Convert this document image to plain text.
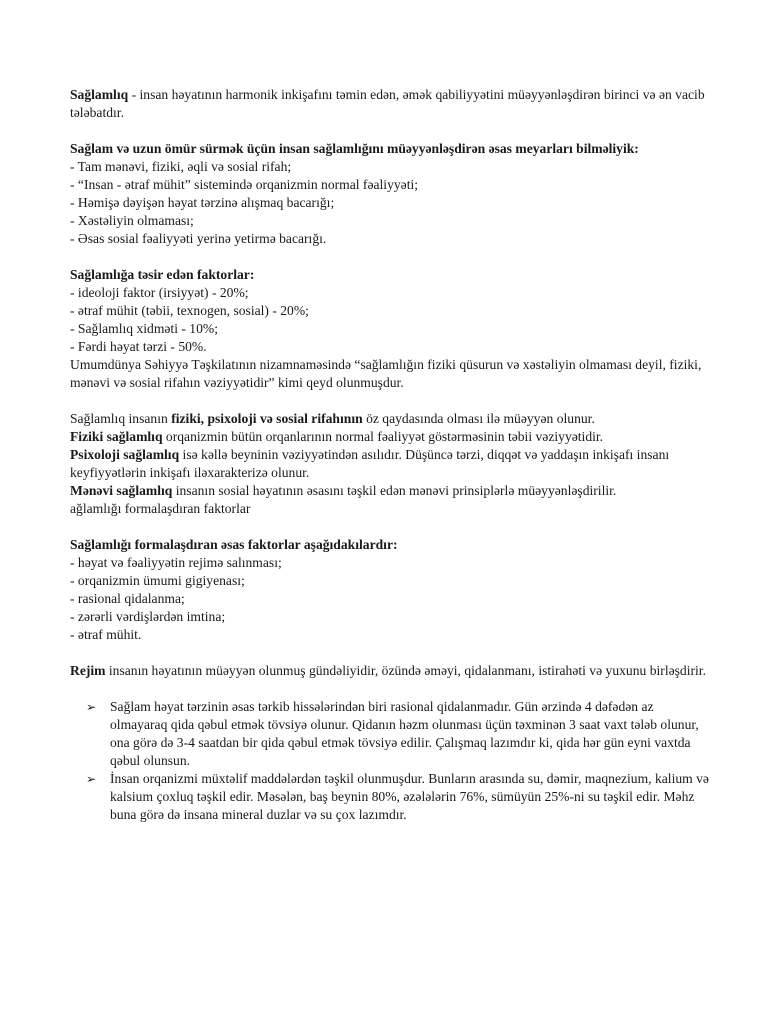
Sağlamlıq - insan həyatının harmonik inkişafını təmin edən, əmək qabiliyyətini müəyyənləşdirən birinci və ən vacib tələbatdır.

Sağlam və uzun ömür sürmək üçün insan sağlamlığını müəyyənləşdirən əsas meyarları bilməliyik:

- Tam mənəvi, fiziki, əqli və sosial rifah;

- “Insan - ətraf mühit” sistemində orqanizmin normal fəaliyyəti;

- Həmişə dəyişən həyat tərzinə alışmaq bacarığı;

- Xəstəliyin olmaması;

- Əsas sosial fəaliyyəti yerinə yetirmə bacarığı.

Sağlamlığa təsir edən faktorlar:

- ideoloji faktor (irsiyyət) - 20%;

- ətraf mühit (təbii, texnogen, sosial) - 20%;

- Sağlamlıq xidməti - 10%;

- Fərdi həyat tərzi - 50%.

Umumdünya Səhiyyə Təşkilatının nizamnaməsində “sağlamlığın fiziki qüsurun və xəstəliyin olmaması deyil, fiziki, mənəvi və sosial rifahın vəziyyətidir” kimi qeyd olunmuşdur.

Sağlamlıq insanın fiziki, psixoloji və sosial rifahının öz qaydasında olması ilə müəyyən olunur.

Fiziki sağlamlıq orqanizmin bütün orqanlarının normal fəaliyyət göstərməsinin təbii vəziyyətidir.

Psixoloji sağlamlıq isə kəllə beyninin vəziyyətindən asılıdır. Düşüncə tərzi, diqqət və yaddaşın inkişafı insanı keyfiyyətlərin inkişafı iləxarakterizə olunur.

Mənəvi sağlamlıq insanın sosial həyatının əsasını təşkil edən mənəvi prinsiplərlə müəyyənləşdirilir.

ağlamlığı formalaşdıran faktorlar

Sağlamlığı formalaşdıran əsas faktorlar aşağıdakılardır:

- həyat və fəaliyyətin rejimə salınması;

- orqanizmin ümumi gigiyenası;

- rasional qidalanma;

- zərərli vərdişlərdən imtina;

- ətraf mühit.

Rejim insanın həyatının müəyyən olunmuş gündəliyidir, özündə əməyi, qidalanmanı, istirahəti və yuxunu birləşdirir.

➢ Sağlam həyat tərzinin əsas tərkib hissələrindən biri rasional qidalanmadır. Gün ərzində 4 dəfədən az olmayaraq qida qəbul etmək tövsiyə olunur. Qidanın həzm olunması üçün təxminən 3 saat vaxt tələb olunur, ona görə də 3-4 saatdan bir qida qəbul etmək tövsiyə edilir. Çalışmaq lazımdır ki, qida hər gün eyni vaxtda qəbul olunsun.
➢ İnsan orqanizmi müxtəlif maddələrdən təşkil olunmuşdur. Bunların arasında su, dəmir, maqnezium, kalium və kalsium çoxluq təşkil edir. Məsələn, baş beynin 80%, əzələlərin 76%, sümüyün 25%-ni su təşkil edir. Məhz buna görə də insana mineral duzlar və su çox lazımdır.
